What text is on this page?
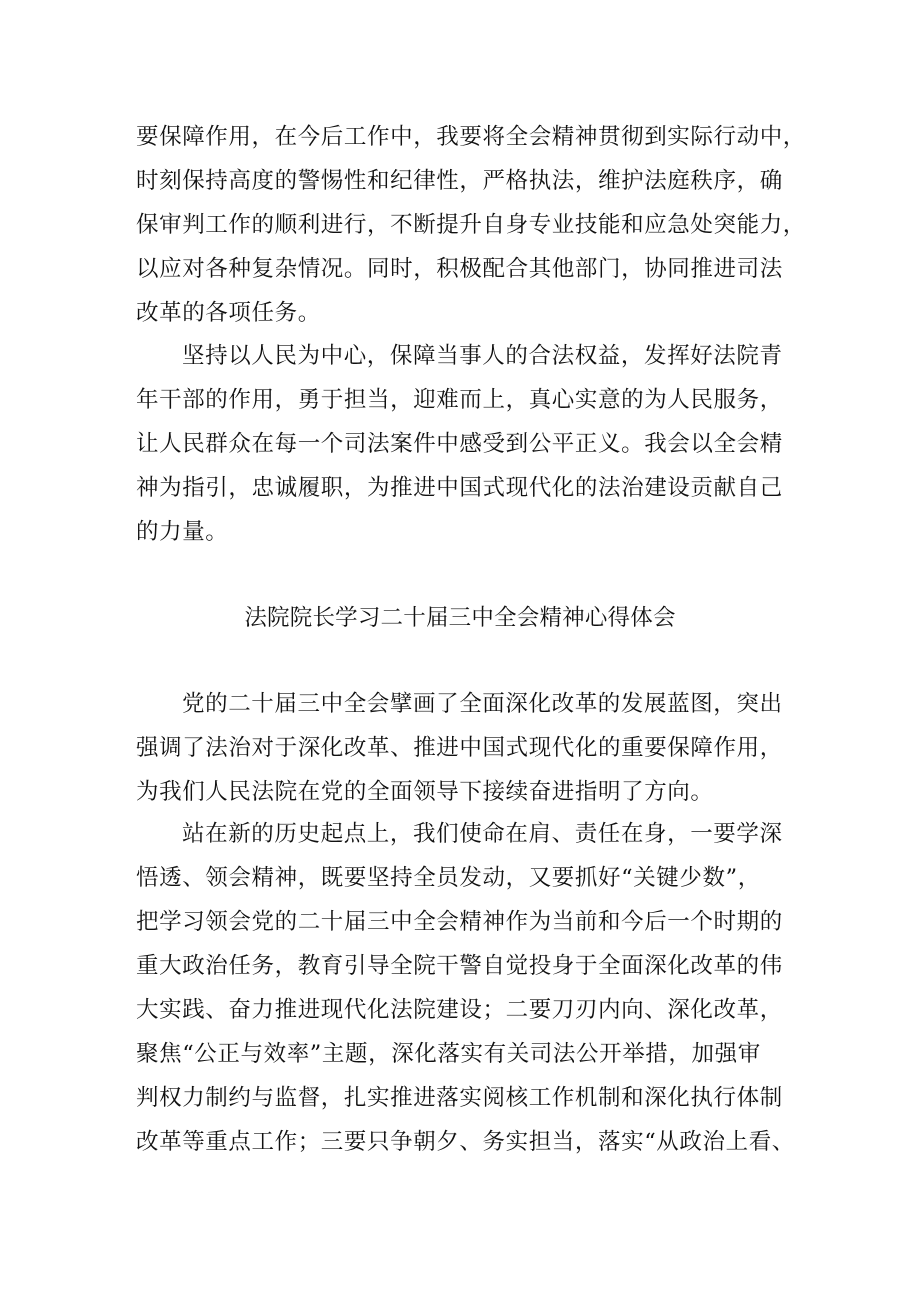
要保障作用，在今后工作中，我要将全会精神贯彻到实际行动中，
时刻保持高度的警惕性和纪律性，严格执法，维护法庭秩序，确
保审判工作的顺利进行，不断提升自身专业技能和应急处突能力，
以应对各种复杂情况。同时，积极配合其他部门，协同推进司法
改革的各项任务。
坚持以人民为中心，保障当事人的合法权益，发挥好法院青
年干部的作用，勇于担当，迎难而上，真心实意的为人民服务，
让人民群众在每一个司法案件中感受到公平正义。我会以全会精
神为指引，忠诚履职，为推进中国式现代化的法治建设贡献自己
的力量。
法院院长学习二十届三中全会精神心得体会
党的二十届三中全会擘画了全面深化改革的发展蓝图，突出
强调了法治对于深化改革、推进中国式现代化的重要保障作用，
为我们人民法院在党的全面领导下接续奋进指明了方向。
站在新的历史起点上，我们使命在肩、责任在身，一要学深
悟透、领会精神，既要坚持全员发动，又要抓好“关键少数”，
把学习领会党的二十届三中全会精神作为当前和今后一个时期的
重大政治任务，教育引导全院干警自觉投身于全面深化改革的伟
大实践、奋力推进现代化法院建设；二要刀刃内向、深化改革，
聚焦“公正与效率”主题，深化落实有关司法公开举措，加强审
判权力制约与监督，扎实推进落实阅核工作机制和深化执行体制
改革等重点工作；三要只争朝夕、务实担当，落实“从政治上看、
